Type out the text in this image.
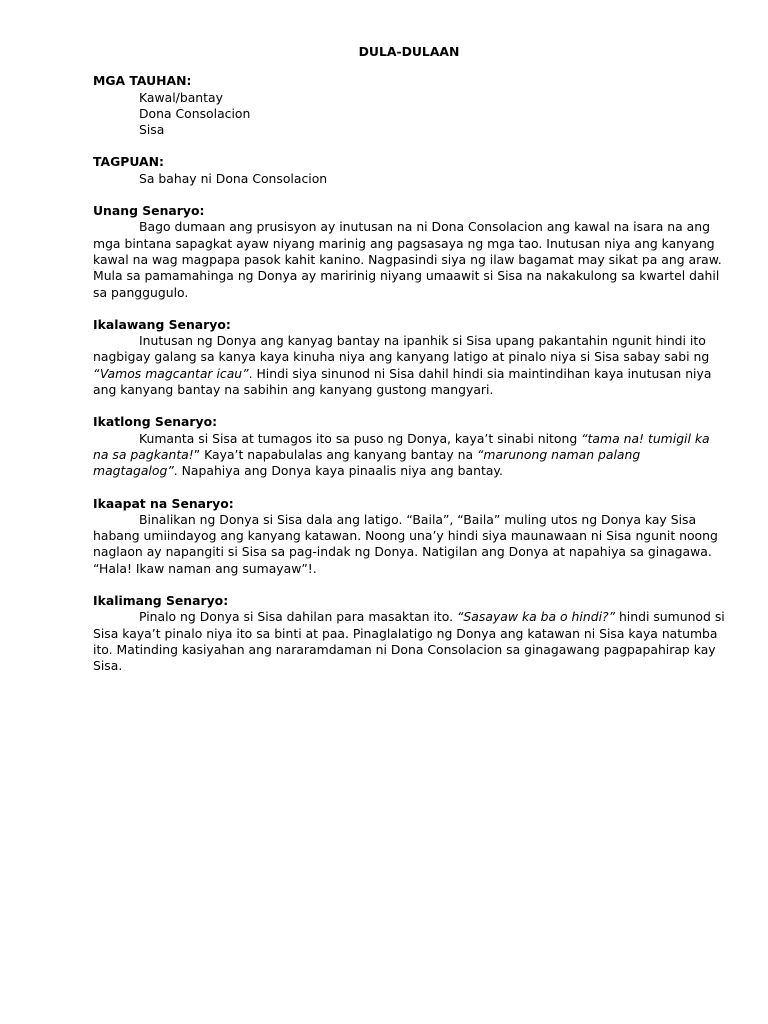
DULA-DULAAN
MGA TAUHAN:
Kawal/bantay
Dona Consolacion
Sisa
TAGPUAN:
Sa bahay ni Dona Consolacion
Unang Senaryo:

Bago dumaan ang prusisyon ay inutusan na ni Dona Consolacion ang kawal na isara na ang mga bintana sapagkat ayaw niyang marinig ang pagsasaya ng mga tao. Inutusan niya ang kanyang kawal na wag magpapa pasok kahit kanino. Nagpasindi siya ng ilaw bagamat may sikat pa ang araw. Mula sa pamamahinga ng Donya ay maririnig niyang umaawit si Sisa na nakakulong sa kwartel dahil sa panggugulo.

Ikalawang Senaryo:

Inutusan ng Donya ang kanyag bantay na ipanhik si Sisa upang pakantahin ngunit hindi ito nagbigay galang sa kanya kaya kinuha niya ang kanyang latigo at pinalo niya si Sisa sabay sabi ng “Vamos magcantar icau”. Hindi siya sinunod ni Sisa dahil hindi sia maintindihan kaya inutusan niya ang kanyang bantay na sabihin ang kanyang gustong mangyari.

Ikatlong Senaryo:

Kumanta si Sisa at tumagos ito sa puso ng Donya, kaya’t sinabi nitong “tama na! tumigil ka na sa pagkanta!” Kaya’t napabulalas ang kanyang bantay na “marunong naman palang magtagalog”. Napahiya ang Donya kaya pinaalis niya ang bantay.

Ikaapat na Senaryo:

Binalikan ng Donya si Sisa dala ang latigo. “Baila”, “Baila” muling utos ng Donya kay Sisa habang umiindayog ang kanyang katawan. Noong una’y hindi siya maunawaan ni Sisa ngunit noong naglaon ay napangiti si Sisa sa pag-indak ng Donya. Natigilan ang Donya at napahiya sa ginagawa. “Hala! Ikaw naman ang sumayaw”!.

Ikalimang Senaryo:

Pinalo ng Donya si Sisa dahilan para masaktan ito. “Sasayaw ka ba o hindi?” hindi sumunod si Sisa kaya’t pinalo niya ito sa binti at paa. Pinaglalatigo ng Donya ang katawan ni Sisa kaya natumba ito. Matinding kasiyahan ang nararamdaman ni Dona Consolacion sa ginagawang pagpapahirap kay Sisa.
